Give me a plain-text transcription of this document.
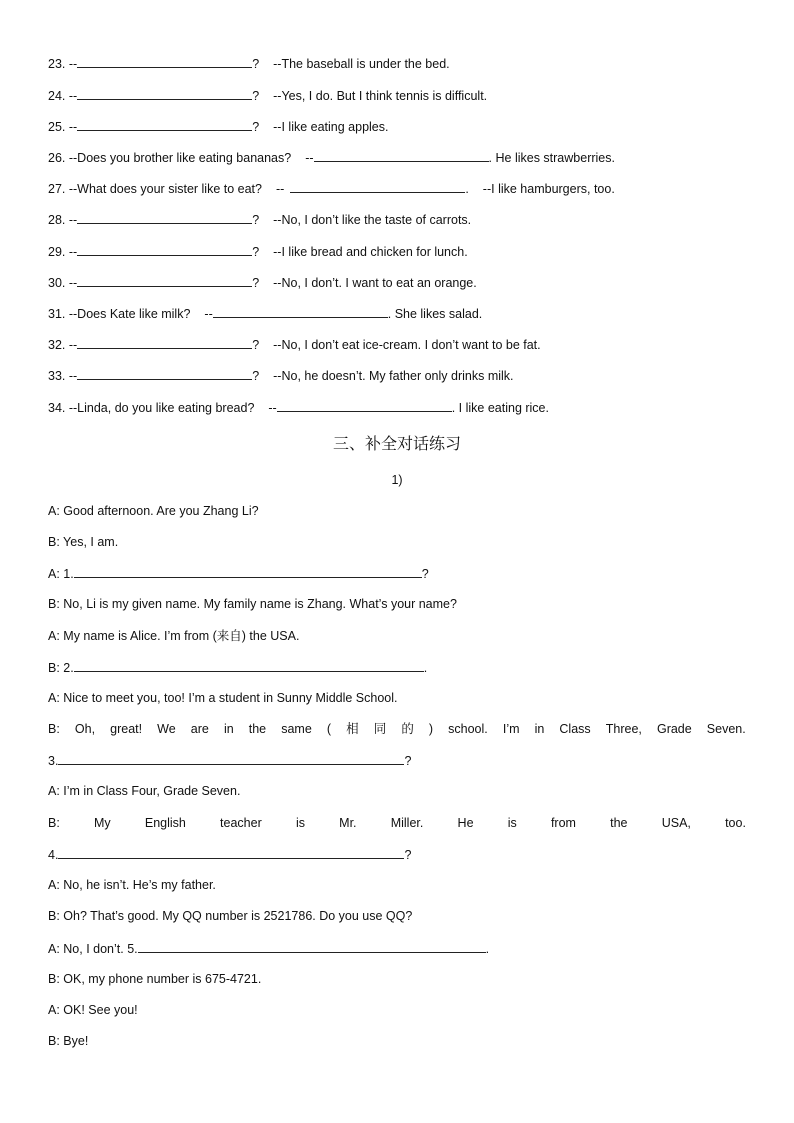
23. --	? --The baseball is under the bed.
24. --	? --Yes, I do. But I think tennis is difficult.
25. --	? --I like eating apples.
26. --Does you brother like eating bananas? --	. He likes strawberries.
27. --What does your sister like to eat? --	. --I like hamburgers, too.
28. --	? --No, I don’t like the taste of carrots.
29. --	? --I like bread and chicken for lunch.
30. --	? --No, I don’t. I want to eat an orange.
31. --Does Kate like milk? --	. She likes salad.
32. --	? --No, I don’t eat ice-cream. I don’t want to be fat.
33. --	? --No, he doesn’t. My father only drinks milk.
34. --Linda, do you like eating bread? --	. I like eating rice.
三、补全对话练习
1)
A: Good afternoon. Are you Zhang Li?
B: Yes, I am.
A: 1.	?
B: No, Li is my given name. My family name is Zhang. What’s your name?
A: My name is Alice. I’m from (来自) the USA.
B: 2.	.
A: Nice to meet you, too! I’m a student in Sunny Middle School.
B: Oh, great! We are in the same ( 相 同 的 ) school. I’m in Class Three, Grade Seven.
3.	?
A: I’m in Class Four, Grade Seven.
B:	My	English	teacher	is	Mr.	Miller.	He	is	from	the	USA,	too.
4.	?
A: No, he isn’t. He’s my father.
B: Oh? That’s good. My QQ number is 2521786. Do you use QQ?
A: No, I don’t. 5.	.
B: OK, my phone number is 675-4721.
A: OK! See you!
B: Bye!
